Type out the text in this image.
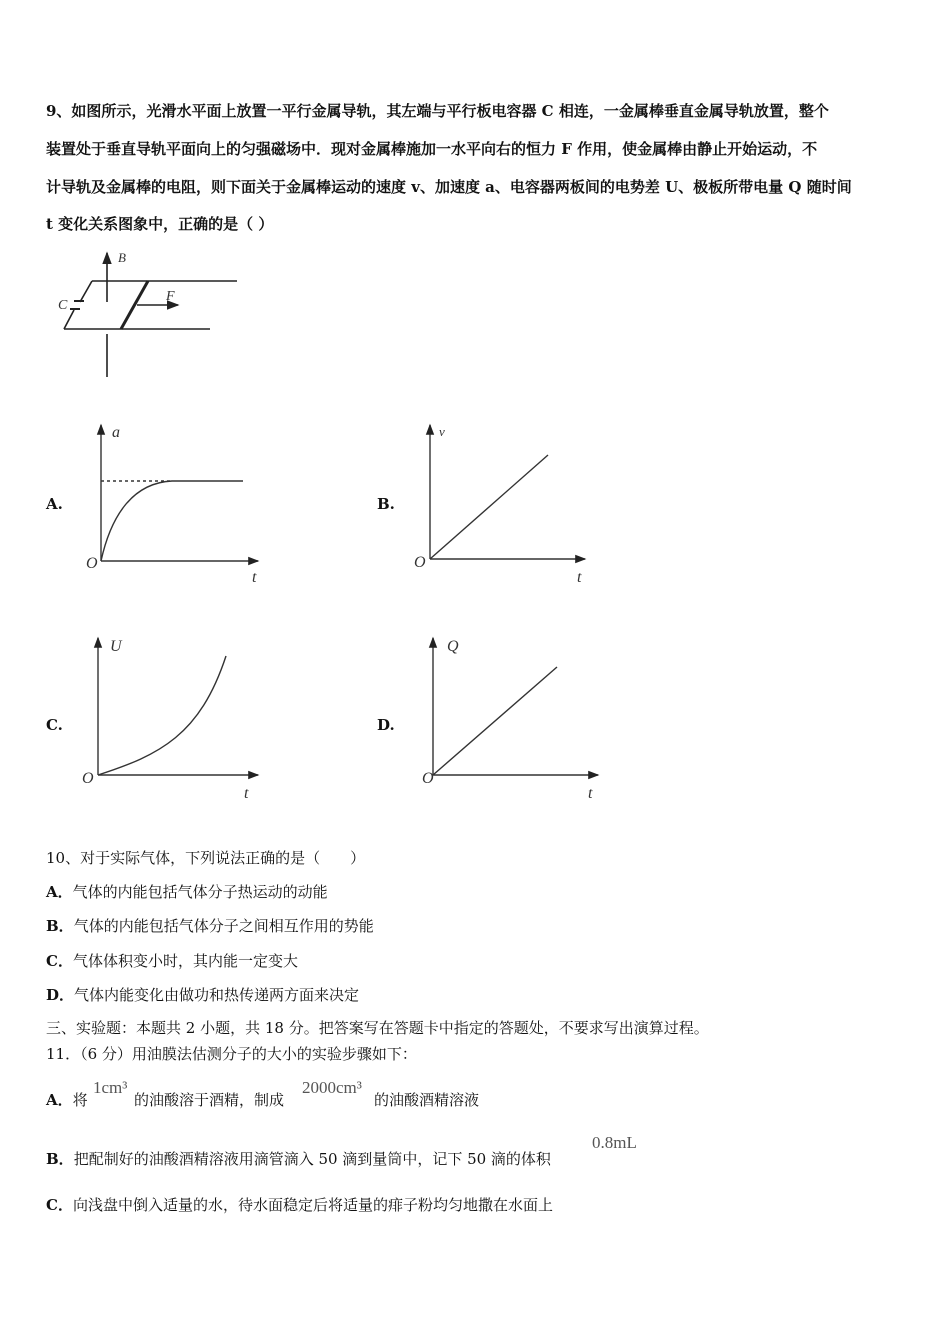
9、如图所示，光滑水平面上放置一平行金属导轨，其左端与平行板电容器 C 相连，一金属棒垂直金属导轨放置，整个
装置处于垂直导轨平面向上的匀强磁场中．现对金属棒施加一水平向右的恒力 F 作用，使金属棒由静止开始运动，不
计导轨及金属棒的电阻，则下面关于金属棒运动的速度 v、加速度 a、电容器两板间的电势差 U、极板所带电量 Q 随时间
t 变化关系图象中，正确的是（ ）
B
C
F
a
O
t
v
O
t
U
O
t
Q
O
t
A.	B.
C.	D.
10、对于实际气体，下列说法正确的是（　　）
A．气体的内能包括气体分子热运动的动能
B．气体的内能包括气体分子之间相互作用的势能
C．气体体积变小时，其内能一定变大
D．气体内能变化由做功和热传递两方面来决定
三、实验题：本题共 2 小题，共 18 分。把答案写在答题卡中指定的答题处，不要求写出演算过程。
11．（6 分）用油膜法估测分子的大小的实验步骤如下：
A．将
1cm³
的油酸溶于酒精，制成
2000cm³
的油酸酒精溶液
B．把配制好的油酸酒精溶液用滴管滴入 50 滴到量筒中，记下 50 滴的体积
0.8mL
C．向浅盘中倒入适量的水，待水面稳定后将适量的痱子粉均匀地撒在水面上
